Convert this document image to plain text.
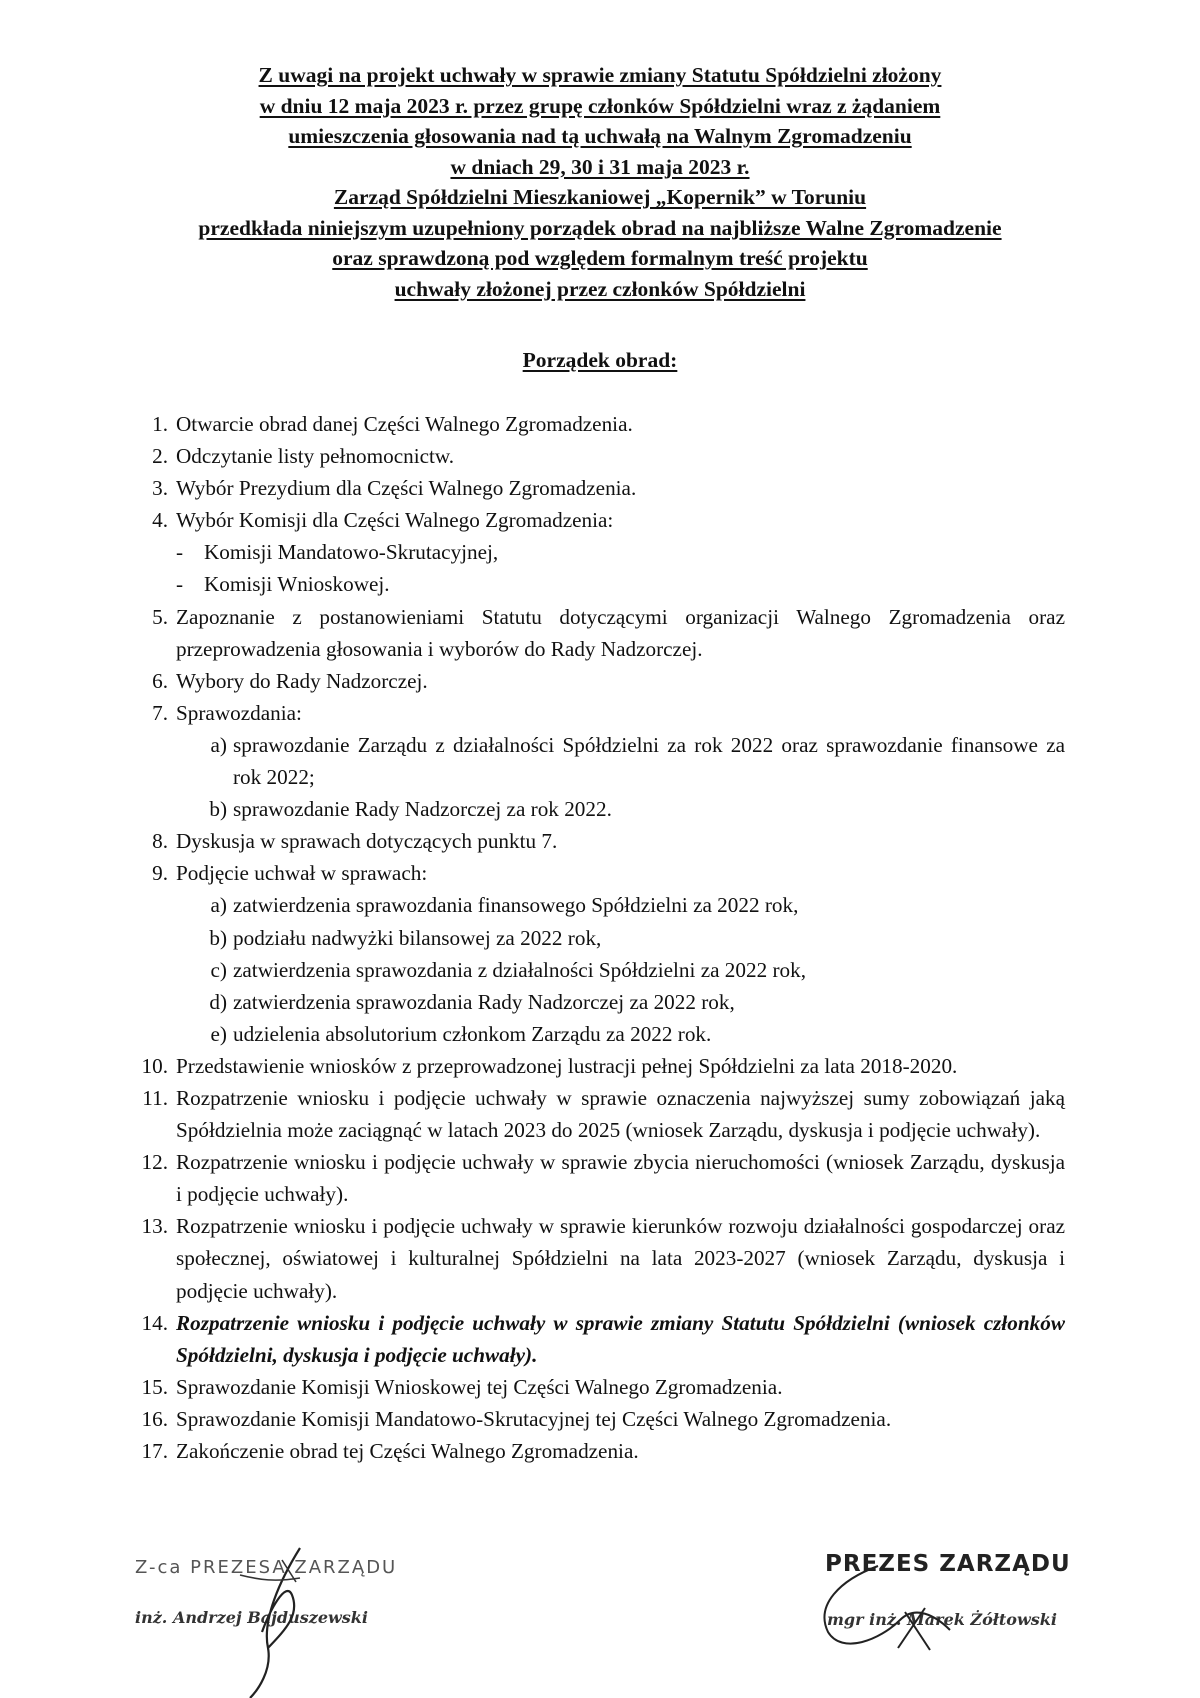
Z uwagi na projekt uchwały w sprawie zmiany Statutu Spółdzielni złożony
w dniu 12 maja 2023 r. przez grupę członków Spółdzielni wraz z żądaniem
umieszczenia głosowania nad tą uchwałą na Walnym Zgromadzeniu
w dniach 29, 30 i 31 maja 2023 r.
Zarząd Spółdzielni Mieszkaniowej „Kopernik” w Toruniu
przedkłada niniejszym uzupełniony porządek obrad na najbliższe Walne Zgromadzenie
oraz sprawdzoną pod względem formalnym treść projektu
uchwały złożonej przez członków Spółdzielni
Porządek obrad:
1. Otwarcie obrad danej Części Walnego Zgromadzenia.
2. Odczytanie listy pełnomocnictw.
3. Wybór Prezydium dla Części Walnego Zgromadzenia.
4. Wybór Komisji dla Części Walnego Zgromadzenia:
- Komisji Mandatowo-Skrutacyjnej,
- Komisji Wnioskowej.
5. Zapoznanie z postanowieniami Statutu dotyczącymi organizacji Walnego Zgromadzenia oraz przeprowadzenia głosowania i wyborów do Rady Nadzorczej.
6. Wybory do Rady Nadzorczej.
7. Sprawozdania:
a) sprawozdanie Zarządu z działalności Spółdzielni za rok 2022 oraz sprawozdanie finansowe za rok 2022;
b) sprawozdanie Rady Nadzorczej za rok 2022.
8. Dyskusja w sprawach dotyczących punktu 7.
9. Podjęcie uchwał w sprawach:
a) zatwierdzenia sprawozdania finansowego Spółdzielni za 2022 rok,
b) podziału nadwyżki bilansowej za 2022 rok,
c) zatwierdzenia sprawozdania z działalności Spółdzielni za 2022 rok,
d) zatwierdzenia sprawozdania Rady Nadzorczej za 2022 rok,
e) udzielenia absolutorium członkom Zarządu za 2022 rok.
10. Przedstawienie wniosków z przeprowadzonej lustracji pełnej Spółdzielni za lata 2018-2020.
11. Rozpatrzenie wniosku i podjęcie uchwały w sprawie oznaczenia najwyższej sumy zobowiązań jaką Spółdzielnia może zaciągnąć w latach 2023 do 2025 (wniosek Zarządu, dyskusja i podjęcie uchwały).
12. Rozpatrzenie wniosku i podjęcie uchwały w sprawie zbycia nieruchomości (wniosek Zarządu, dyskusja i podjęcie uchwały).
13. Rozpatrzenie wniosku i podjęcie uchwały w sprawie kierunków rozwoju działalności gospodarczej oraz społecznej, oświatowej i kulturalnej Spółdzielni na lata 2023-2027 (wniosek Zarządu, dyskusja i podjęcie uchwały).
14. Rozpatrzenie wniosku i podjęcie uchwały w sprawie zmiany Statutu Spółdzielni (wniosek członków Spółdzielni, dyskusja i podjęcie uchwały).
15. Sprawozdanie Komisji Wnioskowej tej Części Walnego Zgromadzenia.
16. Sprawozdanie Komisji Mandatowo-Skrutacyjnej tej Części Walnego Zgromadzenia.
17. Zakończenie obrad tej Części Walnego Zgromadzenia.
Z-ca PREZESA ZARZĄDU
inż. Andrzej Bajduszewski
PREZES ZARZĄDU
mgr inż. Marek Żółtowski
